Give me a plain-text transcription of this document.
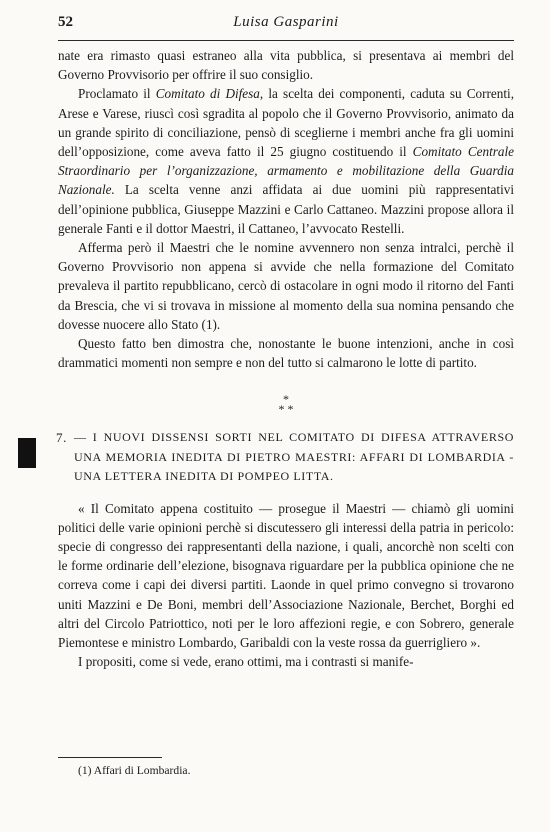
52	Luisa Gasparini

nate era rimasto quasi estraneo alla vita pubblica, si presentava ai membri del Governo Provvisorio per offrire il suo consiglio.

Proclamato il Comitato di Difesa, la scelta dei componenti, caduta su Correnti, Arese e Varese, riuscì così sgradita al popolo che il Governo Provvisorio, animato da un grande spirito di conciliazione, pensò di sceglierne i membri anche fra gli uomini dell’opposizione, come aveva fatto il 25 giugno costituendo il Comitato Centrale Straordinario per l’organizzazione, armamento e mobilitazione della Guardia Nazionale. La scelta venne anzi affidata ai due uomini più rappresentativi dell’opinione pubblica, Giuseppe Mazzini e Carlo Cattaneo. Mazzini propose allora il generale Fanti e il dottor Maestri, il Cattaneo, l’avvocato Restelli.

Afferma però il Maestri che le nomine avvennero non senza intralci, perchè il Governo Provvisorio non appena si avvide che nella formazione del Comitato prevaleva il partito repubblicano, cercò di ostacolare in ogni modo il ritorno del Fanti da Brescia, che vi si trovava in missione al momento della sua nomina pensando che dovesse nuocere allo Stato (1).

Questo fatto ben dimostra che, nonostante le buone intenzioni, anche in così drammatici momenti non sempre e non del tutto si calmarono le lotte di partito.

*
* *
7. — I NUOVI DISSENSI SORTI NEL COMITATO DI DIFESA ATTRAVERSO UNA MEMORIA INEDITA DI PIETRO MAESTRI: AFFARI DI LOMBARDIA - UNA LETTERA INEDITA DI POMPEO LITTA.

« Il Comitato appena costituito — prosegue il Maestri — chiamò gli uomini politici delle varie opinioni perchè si discutessero gli interessi della patria in pericolo: specie di congresso dei rappresentanti della nazione, i quali, ancorchè non scelti con le forme ordinarie dell’elezione, bisognava riguardare per la pubblica opinione che ne correva come i capi dei diversi partiti. Laonde in quel primo convegno si trovarono uniti Mazzini e De Boni, membri dell’Associazione Nazionale, Berchet, Borghi ed altri del Circolo Patriottico, noti per le loro affezioni regie, e con Sobrero, generale Piemontese e ministro Lombardo, Garibaldi con la veste rossa da guerrigliero ».

I propositi, come si vede, erano ottimi, ma i contrasti si manife-

(1) Affari di Lombardia.
